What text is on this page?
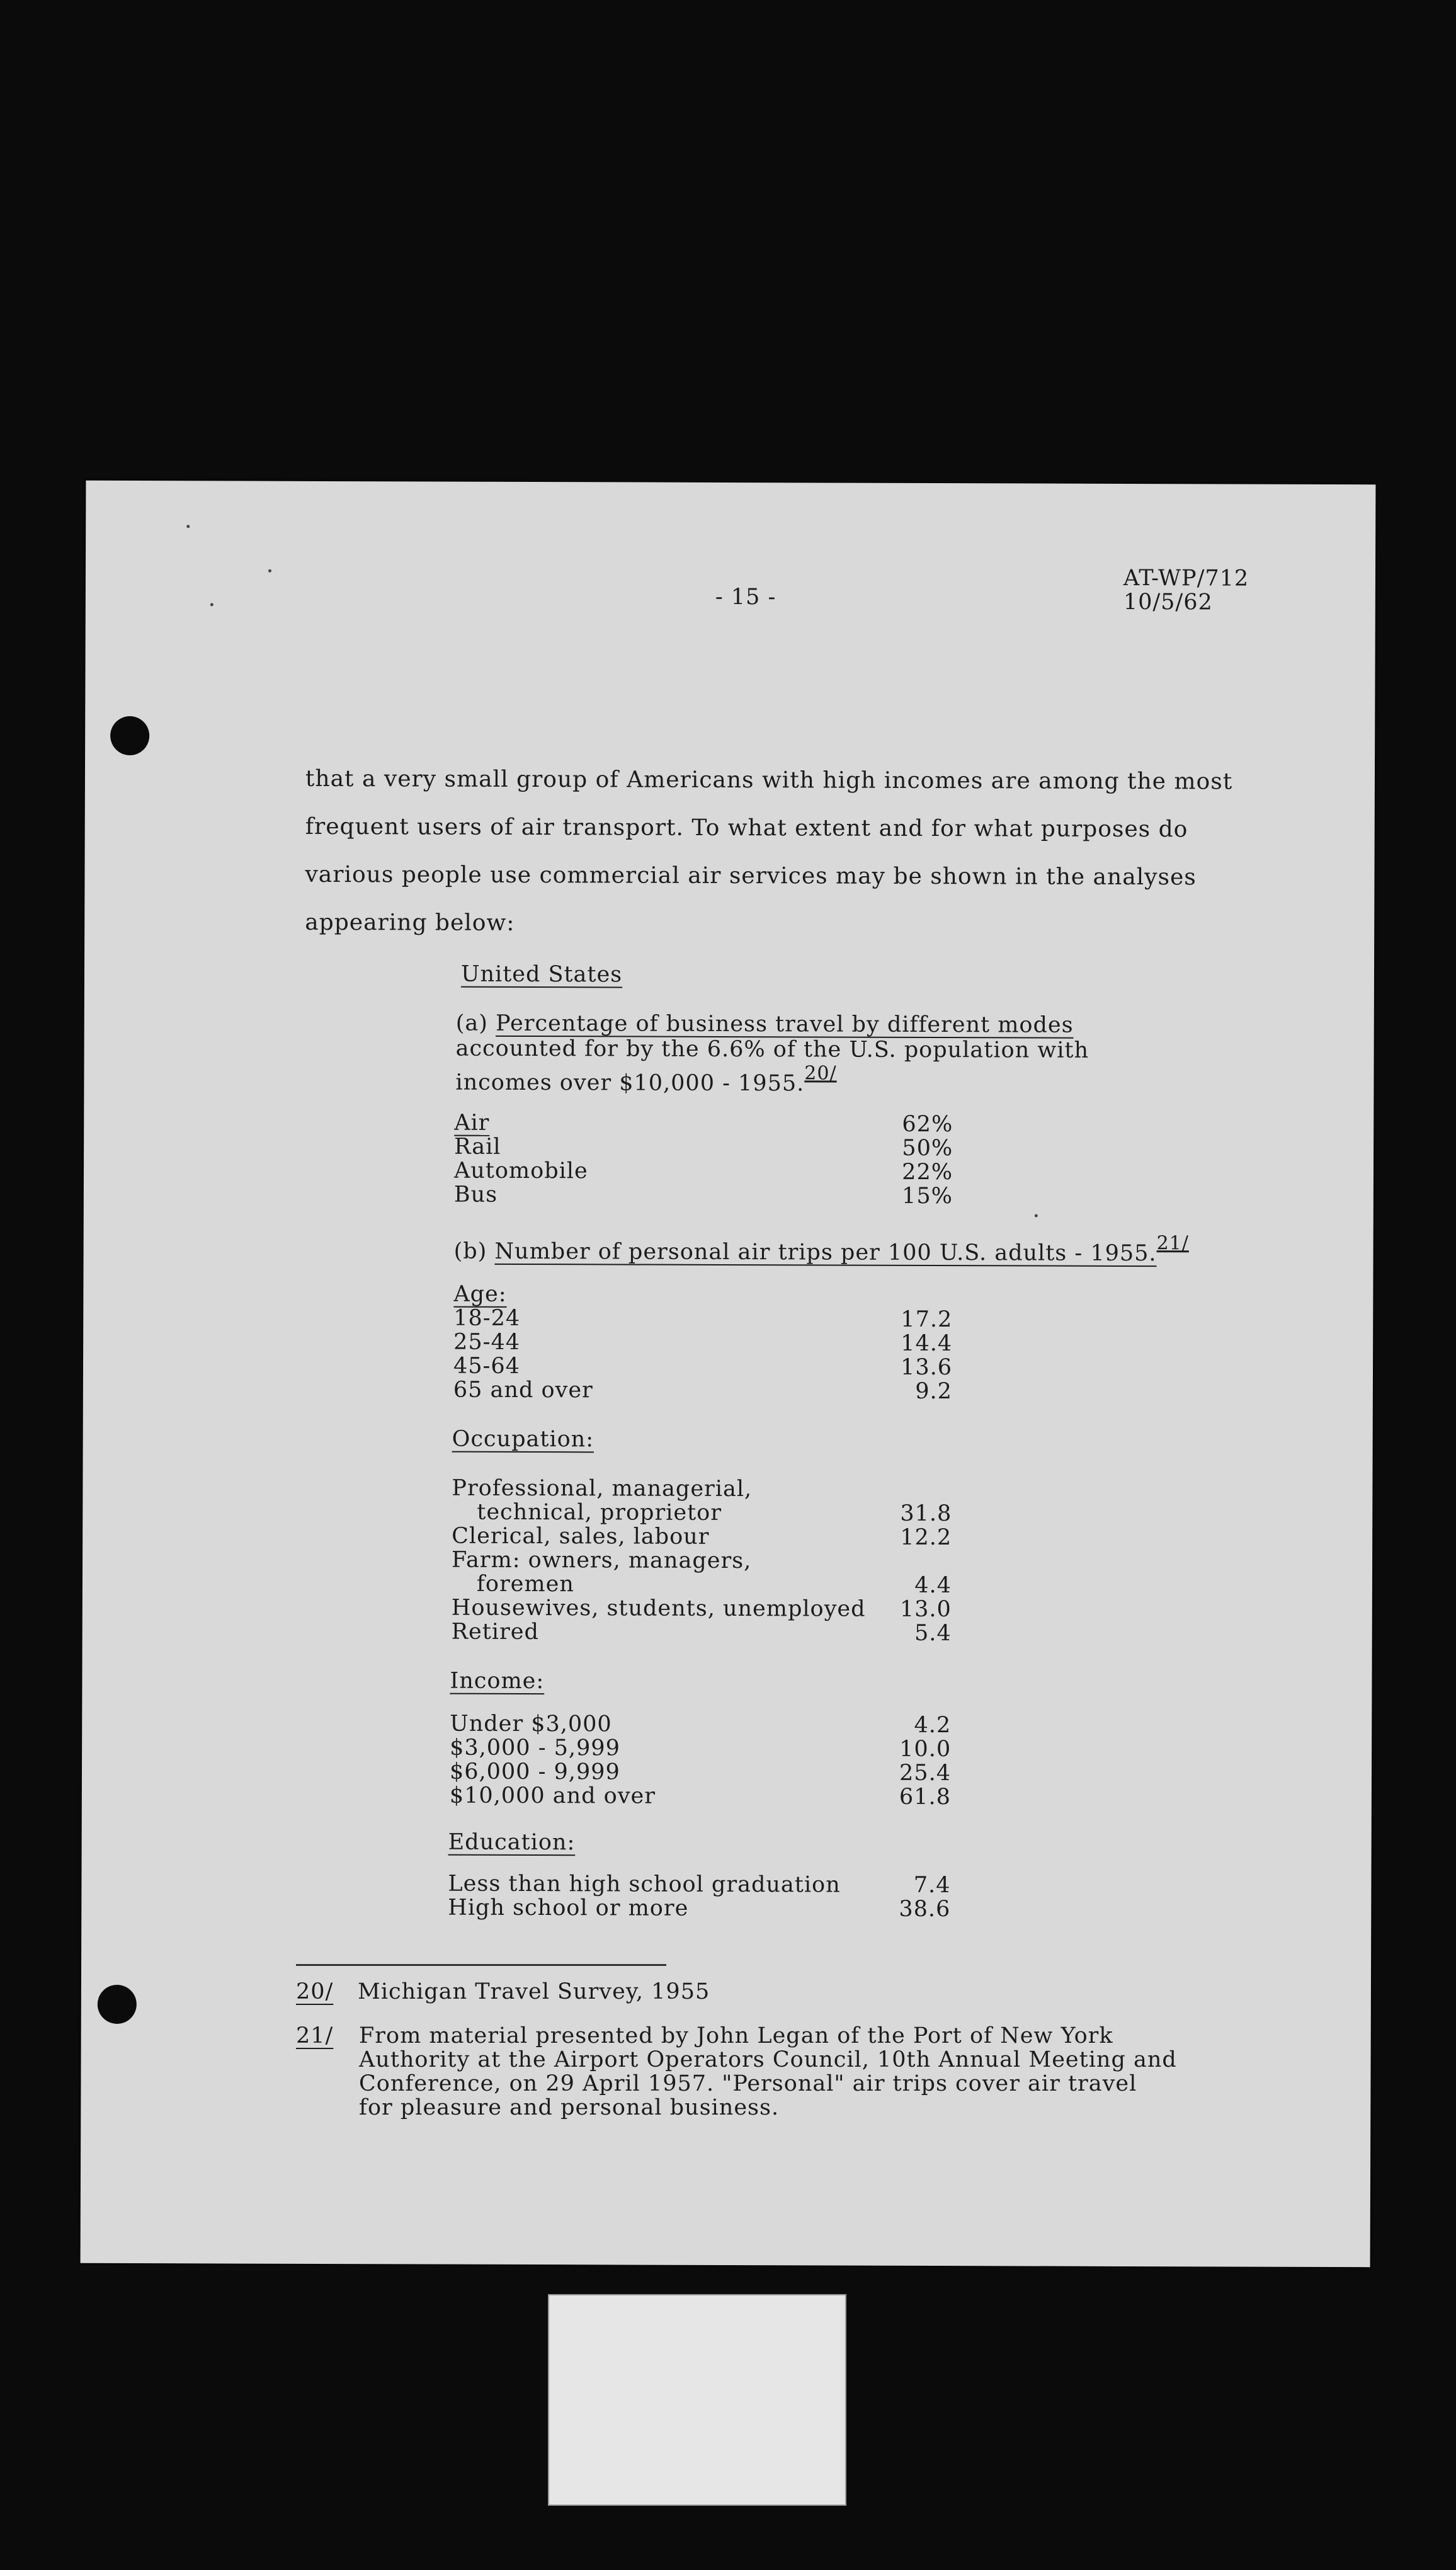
- 15 -
AT-WP/712
10/5/62
that a very small group of Americans with high incomes are among the most
frequent users of air transport. To what extent and for what purposes do
various people use commercial air services may be shown in the analyses
appearing below:
United States
(a) Percentage of business travel by different modes
accounted for by the 6.6% of the U.S. population with
incomes over $10,000 - 1955.20/
Air	62%
Rail	50%
Automobile	22%
Bus	15%
(b) Number of personal air trips per 100 U.S. adults - 1955.21/
Age:
18-24	17.2
25-44	14.4
45-64	13.6
65 and over	9.2
Occupation:
Professional, managerial,
technical, proprietor	31.8
Clerical, sales, labour	12.2
Farm: owners, managers,
foremen	4.4
Housewives, students, unemployed	13.0
Retired	5.4
Income:
Under $3,000	4.2
$3,000 - 5,999	10.0
$6,000 - 9,999	25.4
$10,000 and over	61.8
Education:
Less than high school graduation	7.4
High school or more	38.6
20/ Michigan Travel Survey, 1955
21/ From material presented by John Legan of the Port of New York
Authority at the Airport Operators Council, 10th Annual Meeting and
Conference, on 29 April 1957. "Personal" air trips cover air travel
for pleasure and personal business.
